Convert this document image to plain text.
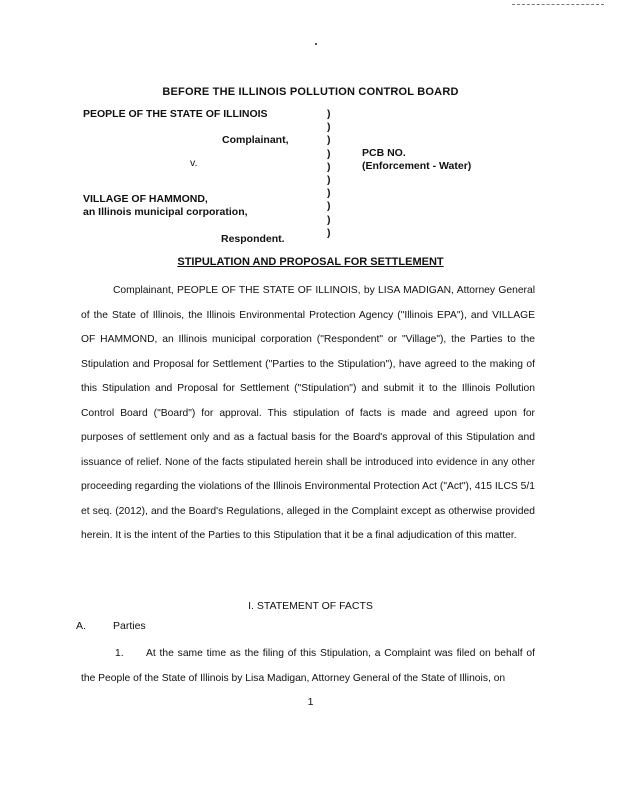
BEFORE THE ILLINOIS POLLUTION CONTROL BOARD
PEOPLE OF THE STATE OF ILLINOIS
Complainant,
v.
VILLAGE OF HAMMOND,
an Illinois municipal corporation,
Respondent.
PCB NO.
(Enforcement - Water)
)
)
)
)
)
)
)
)
)
)
STIPULATION AND PROPOSAL FOR SETTLEMENT
Complainant, PEOPLE OF THE STATE OF ILLINOIS, by LISA MADIGAN, Attorney General of the State of Illinois, the Illinois Environmental Protection Agency ("Illinois EPA"), and VILLAGE OF HAMMOND, an Illinois municipal corporation ("Respondent" or "Village"), the Parties to the Stipulation and Proposal for Settlement ("Parties to the Stipulation"), have agreed to the making of this Stipulation and Proposal for Settlement ("Stipulation") and submit it to the Illinois Pollution Control Board ("Board") for approval. This stipulation of facts is made and agreed upon for purposes of settlement only and as a factual basis for the Board's approval of this Stipulation and issuance of relief. None of the facts stipulated herein shall be introduced into evidence in any other proceeding regarding the violations of the Illinois Environmental Protection Act ("Act"), 415 ILCS 5/1 et seq. (2012), and the Board's Regulations, alleged in the Complaint except as otherwise provided herein. It is the intent of the Parties to this Stipulation that it be a final adjudication of this matter.
I. STATEMENT OF FACTS
A.	Parties
1. At the same time as the filing of this Stipulation, a Complaint was filed on behalf of the People of the State of Illinois by Lisa Madigan, Attorney General of the State of Illinois, on
1
